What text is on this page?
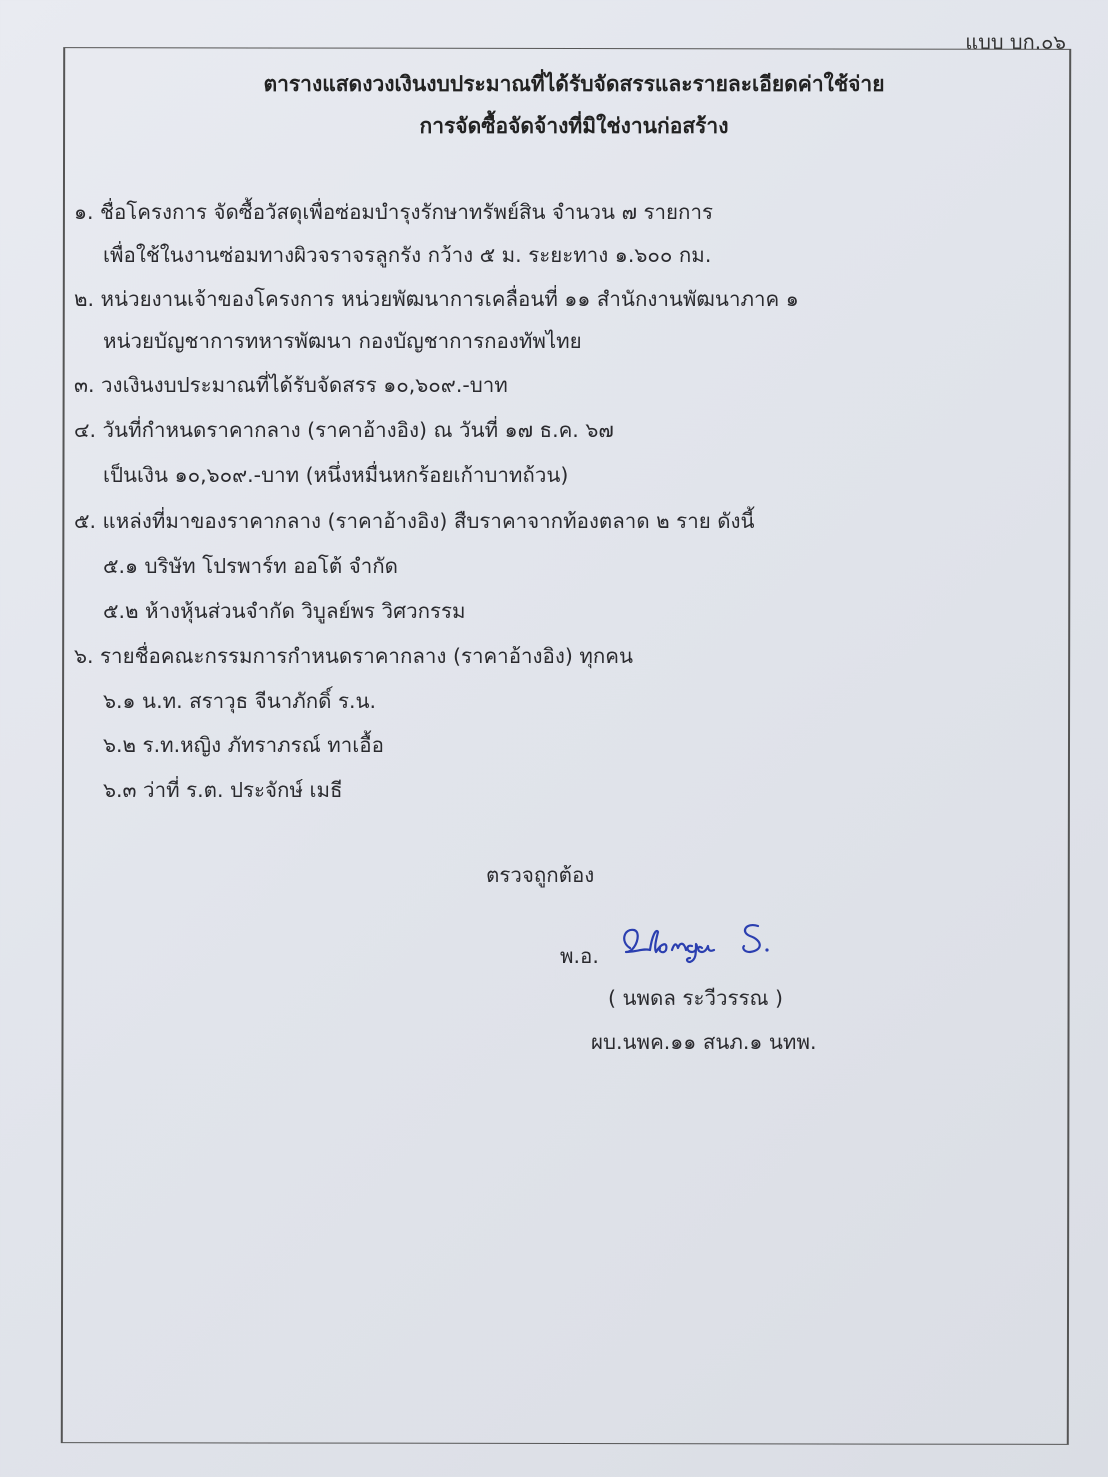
แบบ บก.๐๖
ตารางแสดงวงเงินงบประมาณที่ได้รับจัดสรรและรายละเอียดค่าใช้จ่าย
การจัดซื้อจัดจ้างที่มิใช่งานก่อสร้าง
๑. ชื่อโครงการ จัดซื้อวัสดุเพื่อซ่อมบำรุงรักษาทรัพย์สิน จำนวน ๗ รายการ
เพื่อใช้ในงานซ่อมทางผิวจราจรลูกรัง กว้าง ๕ ม. ระยะทาง ๑.๖๐๐ กม.
๒. หน่วยงานเจ้าของโครงการ หน่วยพัฒนาการเคลื่อนที่ ๑๑ สำนักงานพัฒนาภาค ๑
หน่วยบัญชาการทหารพัฒนา กองบัญชาการกองทัพไทย
๓. วงเงินงบประมาณที่ได้รับจัดสรร ๑๐,๖๐๙.-บาท
๔. วันที่กำหนดราคากลาง (ราคาอ้างอิง) ณ วันที่ ๑๗ ธ.ค. ๖๗
เป็นเงิน ๑๐,๖๐๙.-บาท (หนึ่งหมื่นหกร้อยเก้าบาทถ้วน)
๕. แหล่งที่มาของราคากลาง (ราคาอ้างอิง) สืบราคาจากท้องตลาด ๒ ราย ดังนี้
๕.๑ บริษัท โปรพาร์ท ออโต้ จำกัด
๕.๒ ห้างหุ้นส่วนจำกัด วิบูลย์พร วิศวกรรม
๖. รายชื่อคณะกรรมการกำหนดราคากลาง (ราคาอ้างอิง) ทุกคน
๖.๑ น.ท. สราวุธ จีนาภักดิ์ ร.น.
๖.๒ ร.ท.หญิง ภัทราภรณ์ ทาเอื้อ
๖.๓ ว่าที่ ร.ต. ประจักษ์ เมธี
ตรวจถูกต้อง
พ.อ.
( นพดล ระวีวรรณ )
ผบ.นพค.๑๑ สนภ.๑ นทพ.
